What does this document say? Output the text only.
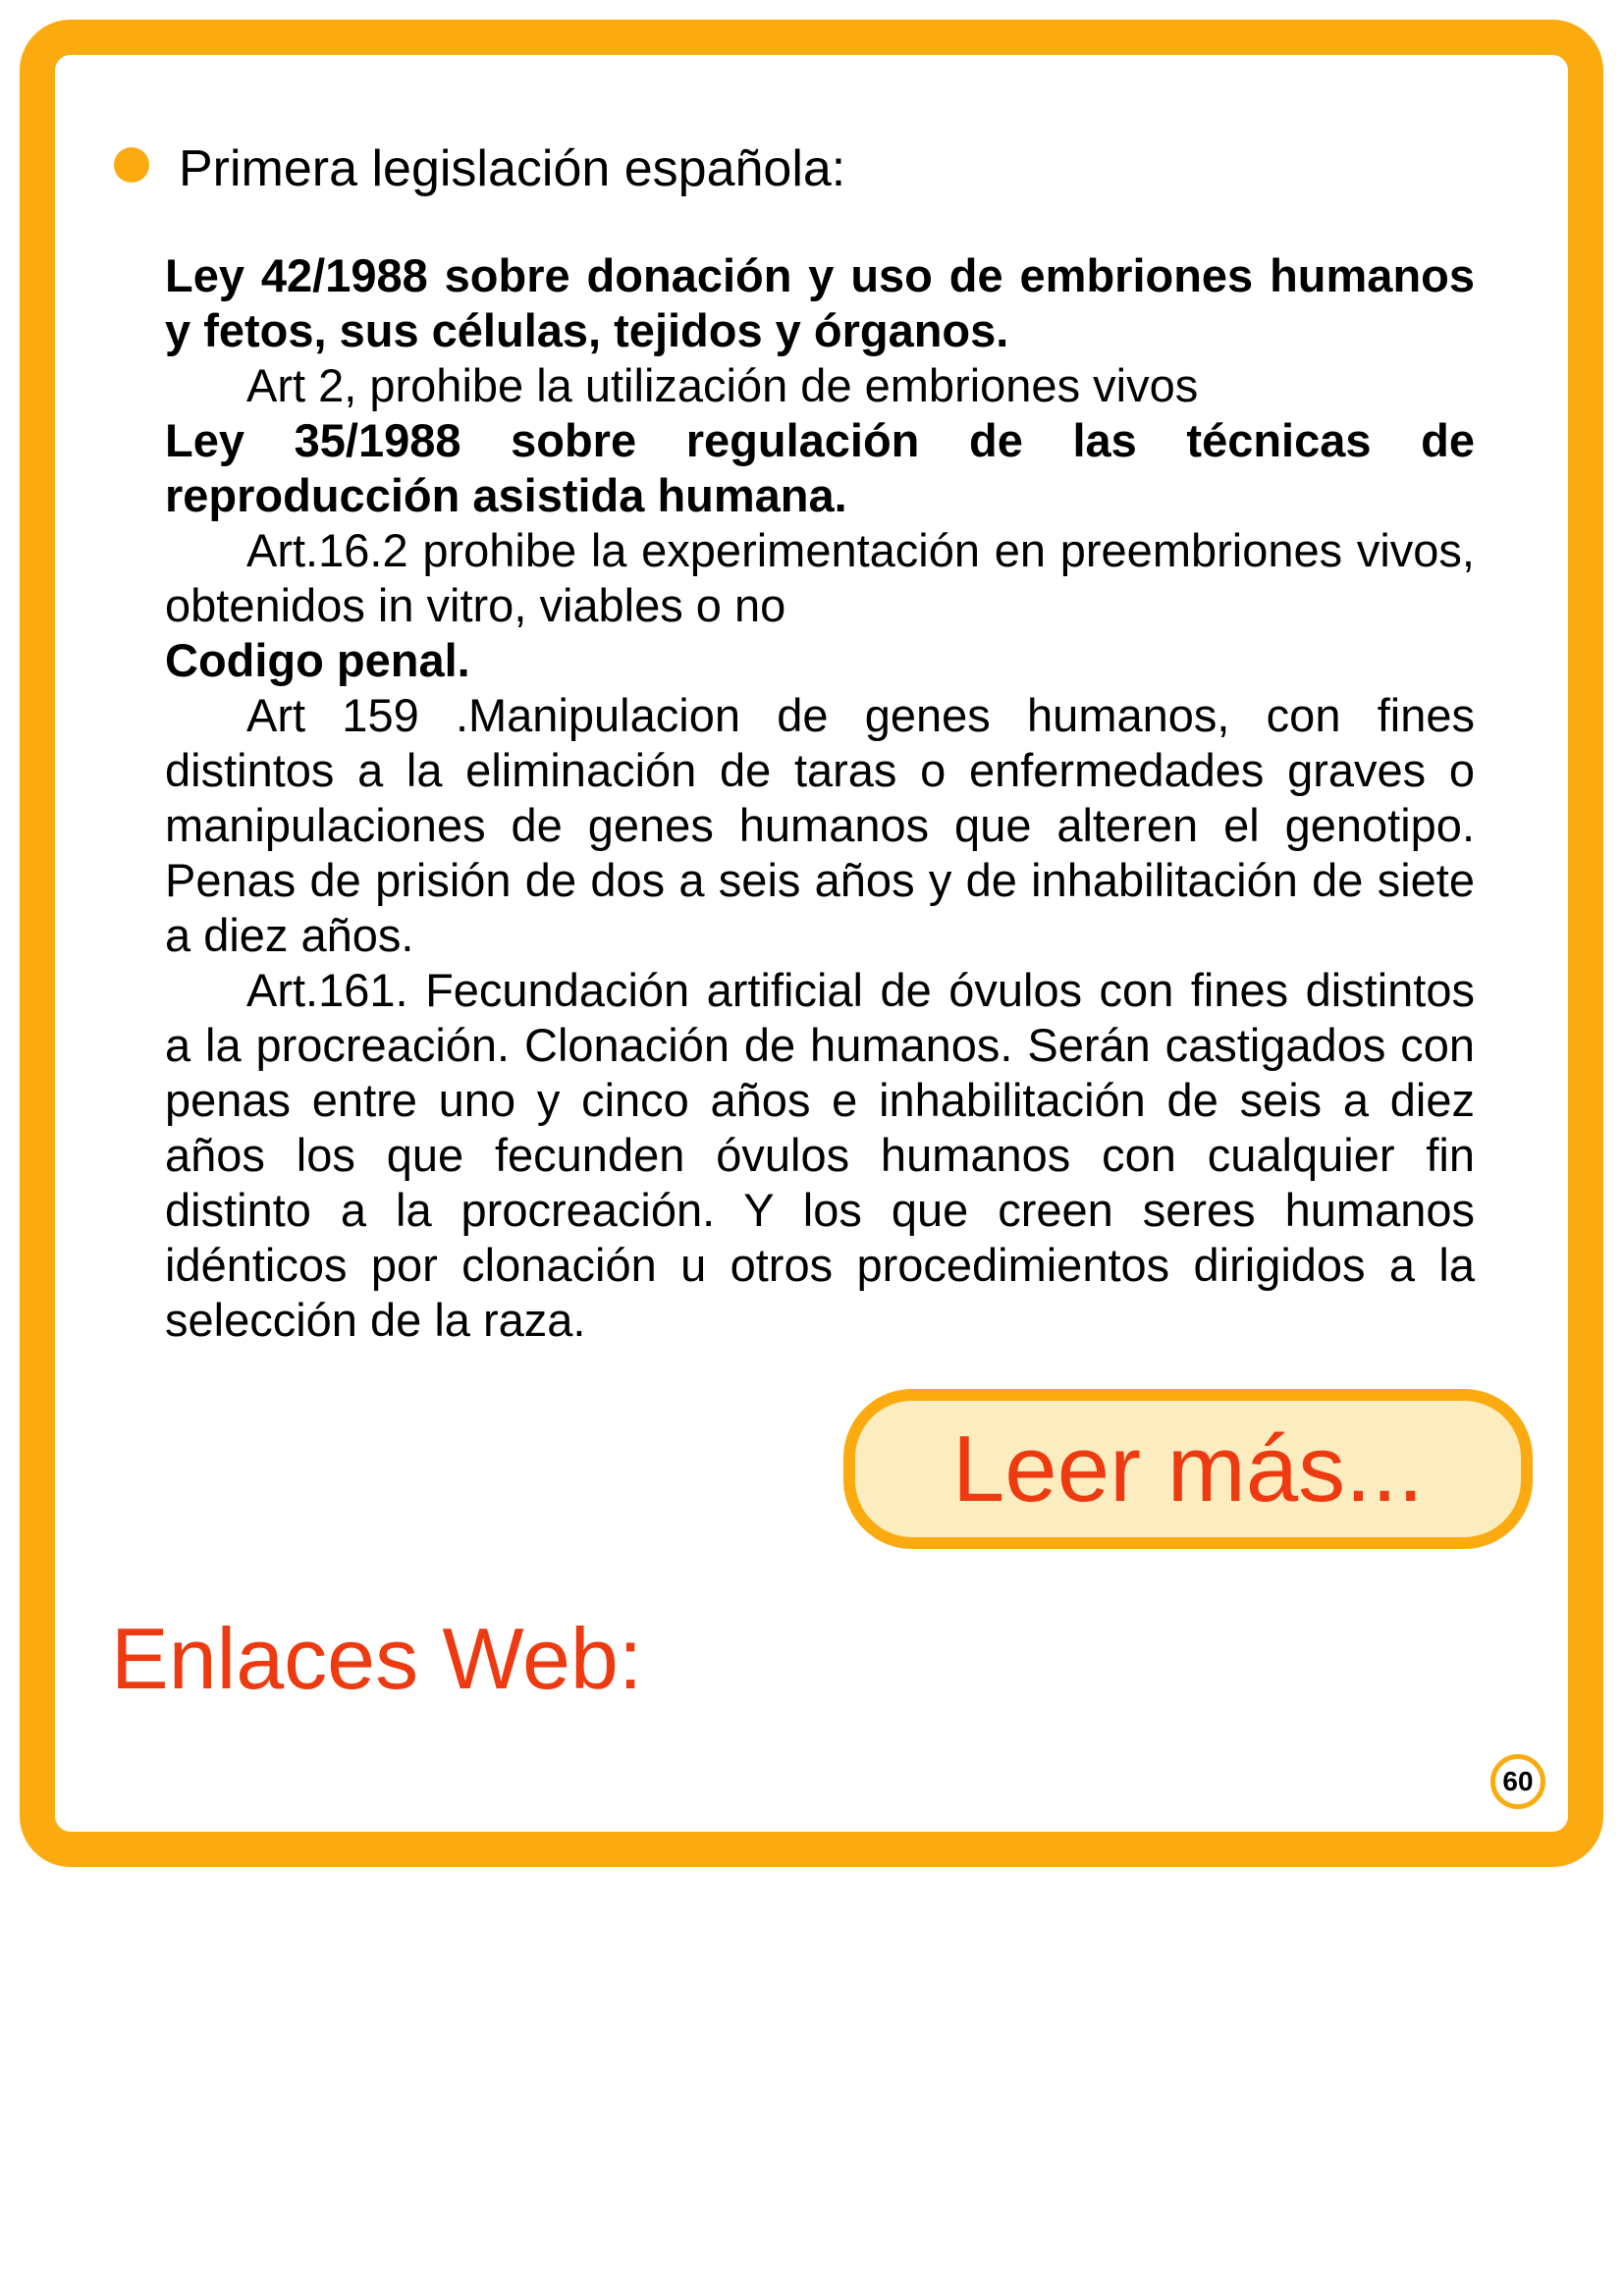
Primera legislación española:

Ley 42/1988 sobre donación y uso de embriones humanos y fetos, sus células, tejidos y órganos.

Art 2, prohibe la utilización de embriones vivos

Ley 35/1988 sobre regulación de las técnicas de reproducción asistida humana.

Art.16.2 prohibe la experimentación en preembriones vivos, obtenidos in vitro, viables o no

Codigo penal.

Art 159 .Manipulacion de genes humanos, con fines distintos a la eliminación de taras o enfermedades graves o manipulaciones de genes humanos que alteren el genotipo. Penas de prisión de dos a seis años y de inhabilitación de siete a diez años.

Art.161. Fecundación artificial de óvulos con fines distintos a la procreación. Clonación de humanos. Serán castigados con penas entre uno y cinco años e inhabilitación de seis a diez años los que fecunden óvulos humanos con cualquier fin distinto a la procreación. Y los que creen seres humanos idénticos por clonación u otros procedimientos dirigidos a la selección de la raza.

Leer más...
Enlaces Web:
60
